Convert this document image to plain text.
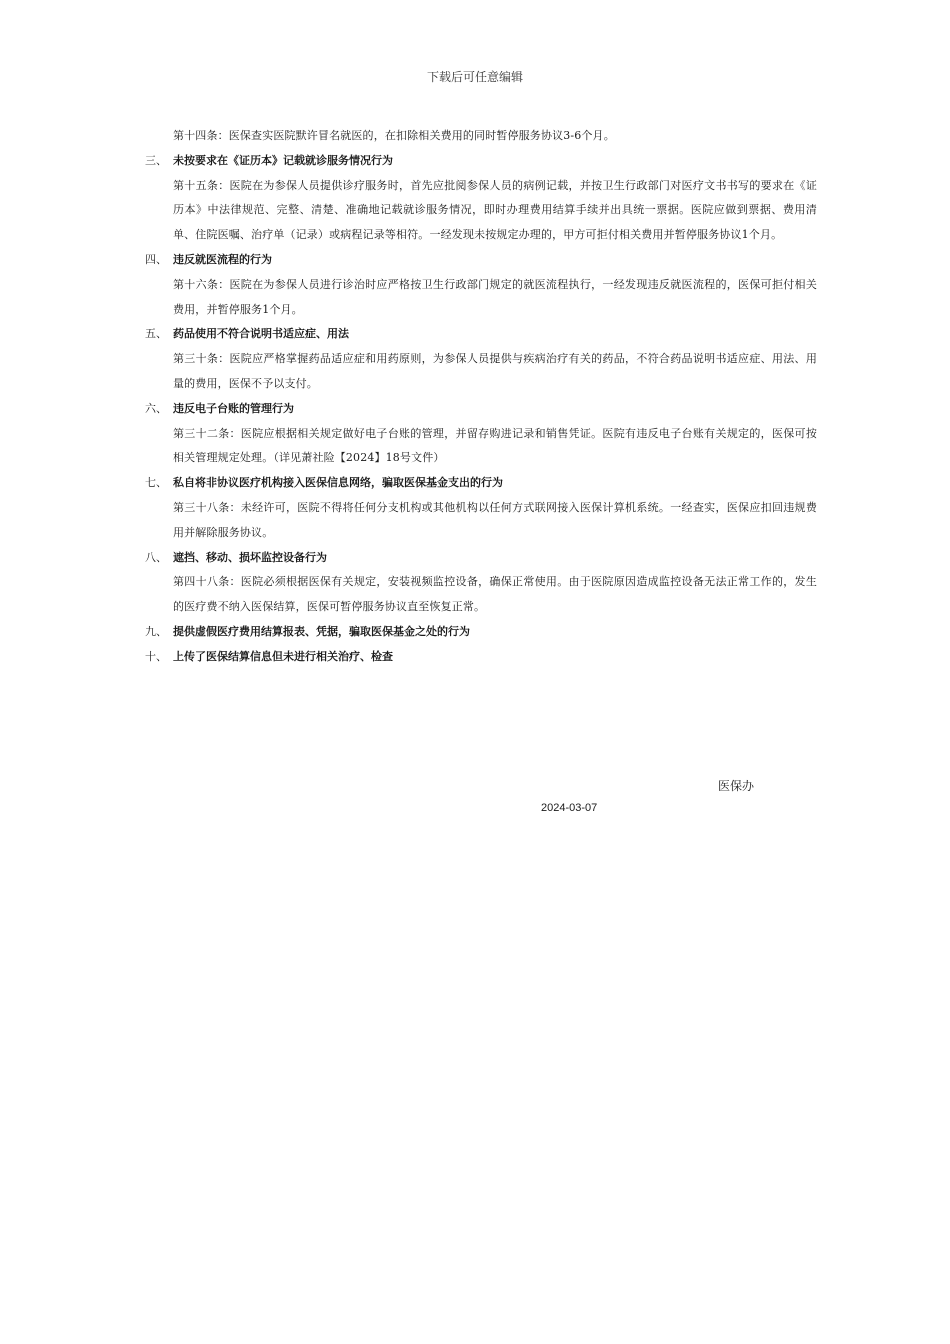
下载后可任意编辑

第十四条：医保查实医院默许冒名就医的，在扣除相关费用的同时暂停服务协议3-6个月。

三、 未按要求在《证历本》记载就诊服务情况行为

第十五条：医院在为参保人员提供诊疗服务时，首先应批阅参保人员的病例记载，并按卫生行政部门对医疗文书书写的要求在《证历本》中法律规范、完整、清楚、准确地记载就诊服务情况，即时办理费用结算手续并出具统一票据。医院应做到票据、费用清单、住院医嘱、治疗单（记录）或病程记录等相符。一经发现未按规定办理的，甲方可拒付相关费用并暂停服务协议1个月。

四、 违反就医流程的行为

第十六条：医院在为参保人员进行诊治时应严格按卫生行政部门规定的就医流程执行，一经发现违反就医流程的，医保可拒付相关费用，并暂停服务1个月。

五、 药品使用不符合说明书适应症、用法

第三十条：医院应严格掌握药品适应症和用药原则，为参保人员提供与疾病治疗有关的药品，不符合药品说明书适应症、用法、用量的费用，医保不予以支付。

六、 违反电子台账的管理行为

第三十二条：医院应根据相关规定做好电子台账的管理，并留存购进记录和销售凭证。医院有违反电子台账有关规定的，医保可按相关管理规定处理。（详见萧社险【2024】18号文件）

七、 私自将非协议医疗机构接入医保信息网络，骗取医保基金支出的行为

第三十八条：未经许可，医院不得将任何分支机构或其他机构以任何方式联网接入医保计算机系统。一经查实，医保应扣回违规费用并解除服务协议。

八、 遮挡、移动、损坏监控设备行为

第四十八条：医院必须根据医保有关规定，安装视频监控设备，确保正常使用。由于医院原因造成监控设备无法正常工作的，发生的医疗费不纳入医保结算，医保可暂停服务协议直至恢复正常。

九、 提供虚假医疗费用结算报表、凭据，骗取医保基金之处的行为
十、 上传了医保结算信息但未进行相关治疗、检查
医保办
2024-03-07
